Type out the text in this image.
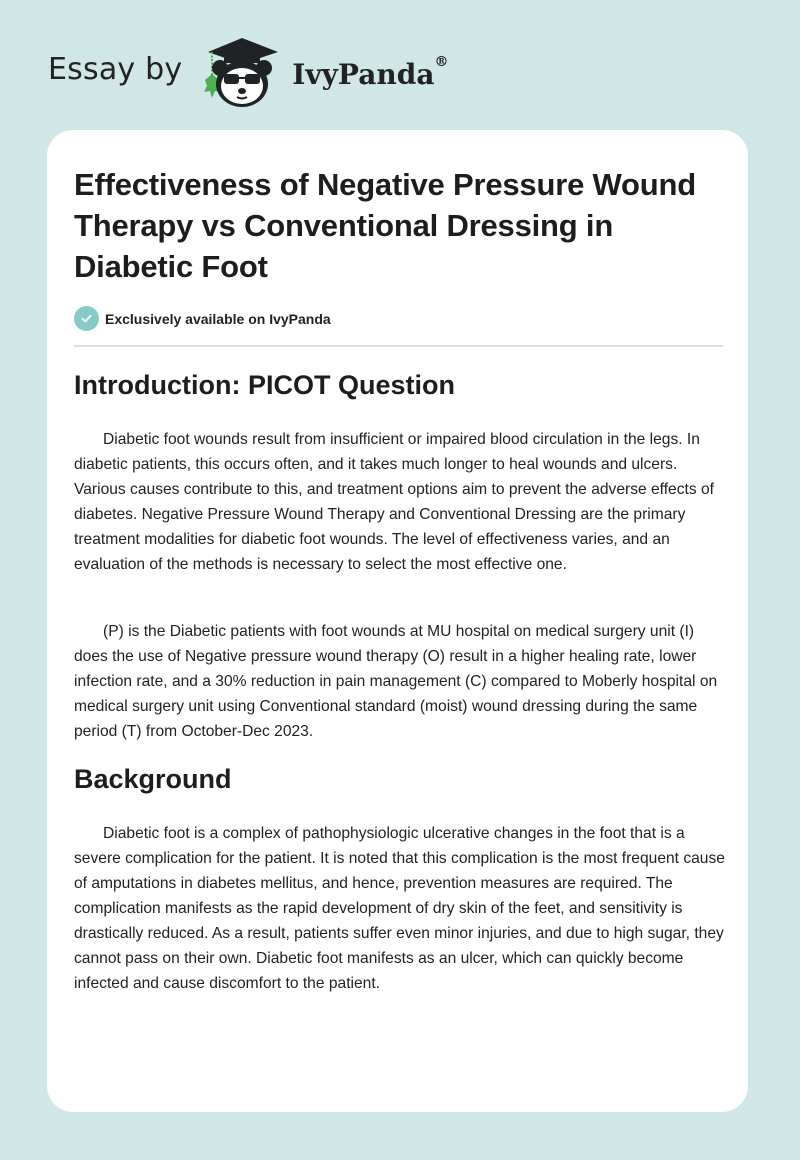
Essay by	IvyPanda®
Effectiveness of Negative Pressure Wound Therapy vs Conventional Dressing in Diabetic Foot
Exclusively available on IvyPanda
Introduction: PICOT Question

Diabetic foot wounds result from insufficient or impaired blood circulation in the legs. In diabetic patients, this occurs often, and it takes much longer to heal wounds and ulcers. Various causes contribute to this, and treatment options aim to prevent the adverse effects of diabetes. Negative Pressure Wound Therapy and Conventional Dressing are the primary treatment modalities for diabetic foot wounds. The level of effectiveness varies, and an evaluation of the methods is necessary to select the most effective one.

(P) is the Diabetic patients with foot wounds at MU hospital on medical surgery unit (I) does the use of Negative pressure wound therapy (O) result in a higher healing rate, lower infection rate, and a 30% reduction in pain management (C) compared to Moberly hospital on medical surgery unit using Conventional standard (moist) wound dressing during the same period (T) from October-Dec 2023.

Background

Diabetic foot is a complex of pathophysiologic ulcerative changes in the foot that is a severe complication for the patient. It is noted that this complication is the most frequent cause of amputations in diabetes mellitus, and hence, prevention measures are required. The complication manifests as the rapid development of dry skin of the feet, and sensitivity is drastically reduced. As a result, patients suffer even minor injuries, and due to high sugar, they cannot pass on their own. Diabetic foot manifests as an ulcer, which can quickly become infected and cause discomfort to the patient.
